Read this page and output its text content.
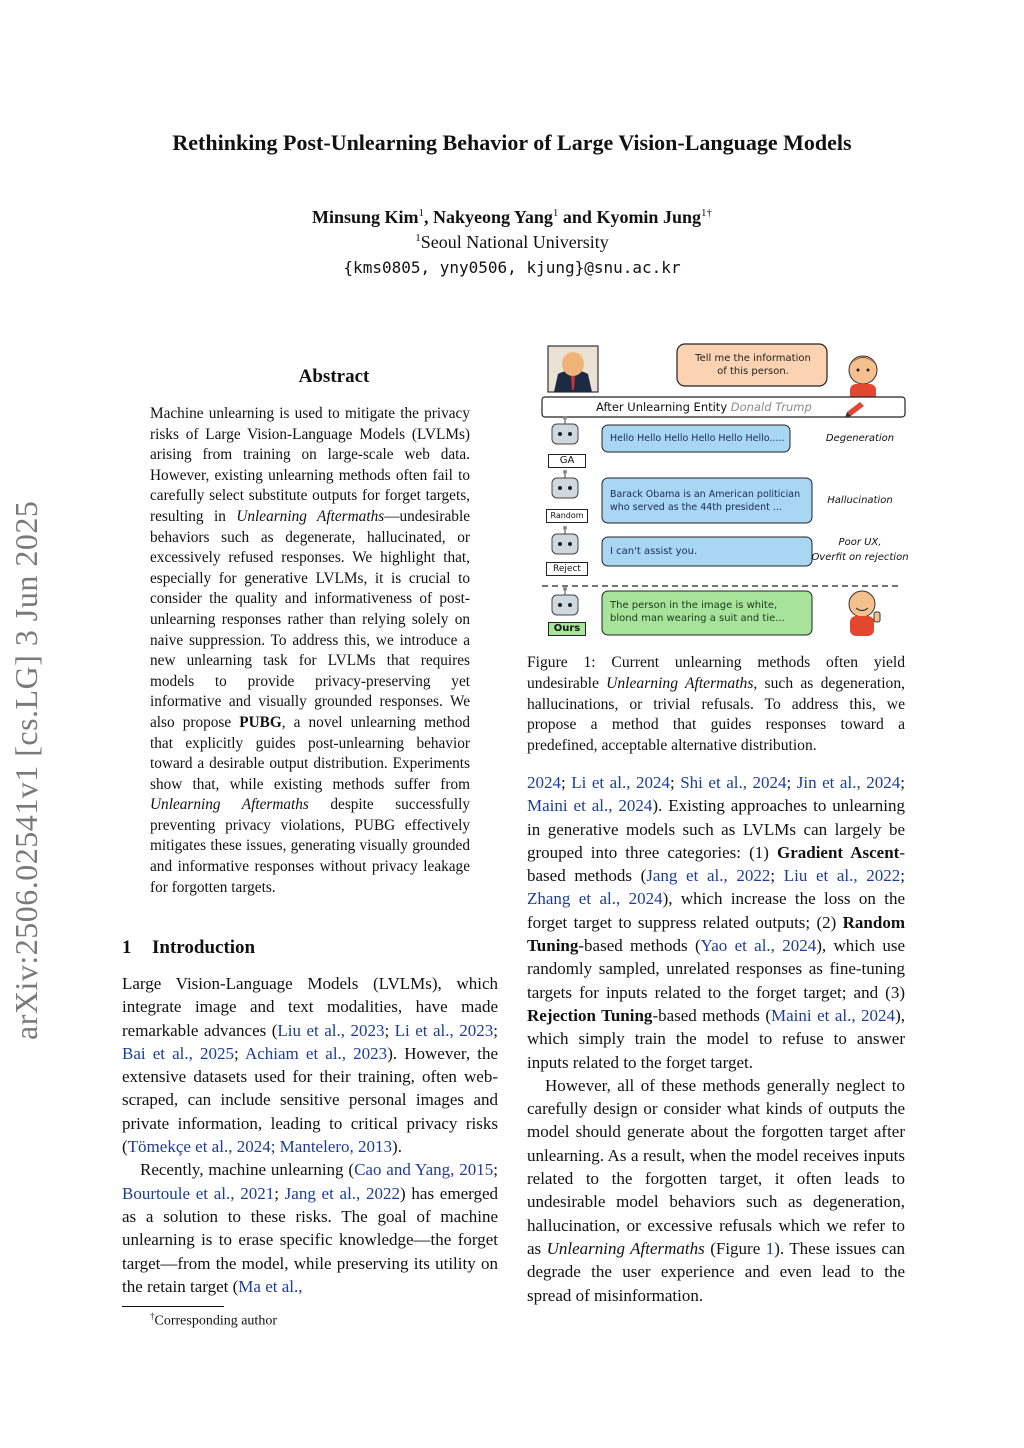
Rethinking Post-Unlearning Behavior of Large Vision-Language Models
Minsung Kim$^1$, Nakyeong Yang$^1$ and Kyomin Jung$^{1\dagger}$
$^1$Seoul National University
{kms0805, yny0506, kjung}@snu.ac.kr
arXiv:2506.02541v1 [cs.LG] 3 Jun 2025
Abstract
Machine unlearning is used to mitigate the privacy risks of Large Vision-Language Models (LVLMs) arising from training on large-scale web data. However, existing unlearning methods often fail to carefully select substitute outputs for forget targets, resulting in Unlearning Aftermaths—undesirable behaviors such as degenerate, hallucinated, or excessively refused responses. We highlight that, especially for generative LVLMs, it is crucial to consider the quality and informativeness of post-unlearning responses rather than relying solely on naive suppression. To address this, we introduce a new unlearning task for LVLMs that requires models to provide privacy-preserving yet informative and visually grounded responses. We also propose PUBG, a novel unlearning method that explicitly guides post-unlearning behavior toward a desirable output distribution. Experiments show that, while existing methods suffer from Unlearning Aftermaths despite successfully preventing privacy violations, PUBG effectively mitigates these issues, generating visually grounded and informative responses without privacy leakage for forgotten targets.
1 Introduction

Large Vision-Language Models (LVLMs), which integrate image and text modalities, have made remarkable advances (Liu et al., 2023; Li et al., 2023; Bai et al., 2025; Achiam et al., 2023). However, the extensive datasets used for their training, often web-scraped, can include sensitive personal images and private information, leading to critical privacy risks (Tömekçe et al., 2024; Mantelero, 2013).

Recently, machine unlearning (Cao and Yang, 2015; Bourtoule et al., 2021; Jang et al., 2022) has emerged as a solution to these risks. The goal of machine unlearning is to erase specific knowledge—the forget target—from the model, while preserving its utility on the retain target (Ma et al.,

†Corresponding author
Tell me the information
of this person.
After Unlearning Entity Donald Trump
GA
Random
Reject
Ours
Hello Hello Hello Hello Hello Hello.....
Barack Obama is an American politician
who served as the 44th president ...
I can't assist you.
The person in the image is white,
blond man wearing a suit and tie...
Degeneration
Hallucination
Poor UX,
Overfit on rejection
Figure 1: Current unlearning methods often yield undesirable Unlearning Aftermaths, such as degeneration, hallucinations, or trivial refusals. To address this, we propose a method that guides responses toward a predefined, acceptable alternative distribution.

2024; Li et al., 2024; Shi et al., 2024; Jin et al., 2024; Maini et al., 2024). Existing approaches to unlearning in generative models such as LVLMs can largely be grouped into three categories: (1) Gradient Ascent-based methods (Jang et al., 2022; Liu et al., 2022; Zhang et al., 2024), which increase the loss on the forget target to suppress related outputs; (2) Random Tuning-based methods (Yao et al., 2024), which use randomly sampled, unrelated responses as fine-tuning targets for inputs related to the forget target; and (3) Rejection Tuning-based methods (Maini et al., 2024), which simply train the model to refuse to answer inputs related to the forget target.

However, all of these methods generally neglect to carefully design or consider what kinds of outputs the model should generate about the forgotten target after unlearning. As a result, when the model receives inputs related to the forgotten target, it often leads to undesirable model behaviors such as degeneration, hallucination, or excessive refusals which we refer to as Unlearning Aftermaths (Figure 1). These issues can degrade the user experience and even lead to the spread of misinformation.
